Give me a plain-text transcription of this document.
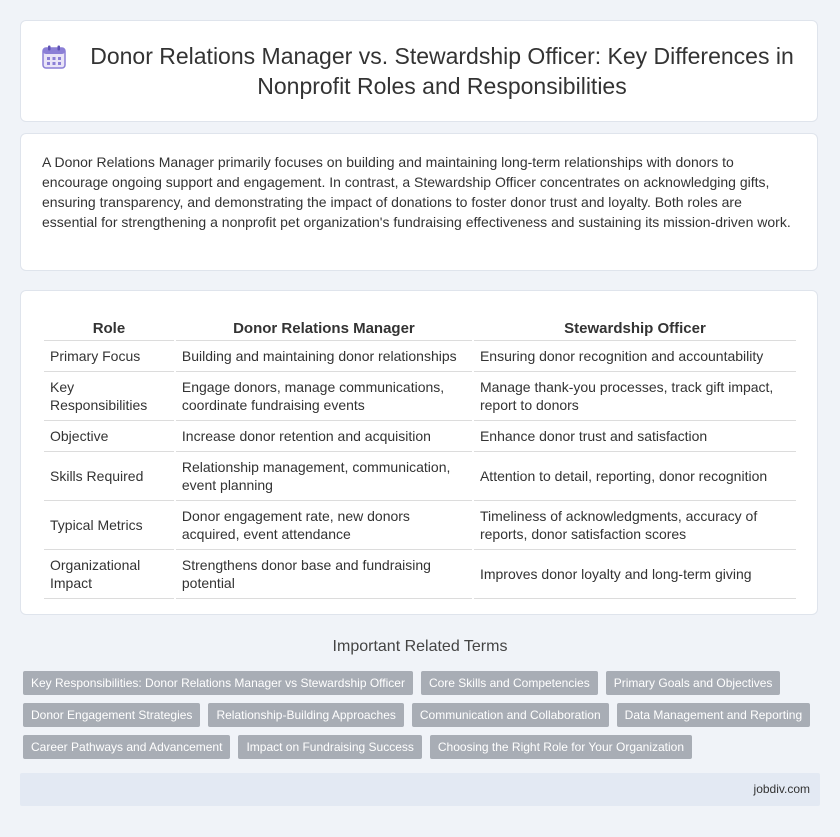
Donor Relations Manager vs. Stewardship Officer: Key Differences in Nonprofit Roles and Responsibilities

A Donor Relations Manager primarily focuses on building and maintaining long-term relationships with donors to encourage ongoing support and engagement. In contrast, a Stewardship Officer concentrates on acknowledging gifts, ensuring transparency, and demonstrating the impact of donations to foster donor trust and loyalty. Both roles are essential for strengthening a nonprofit pet organization's fundraising effectiveness and sustaining its mission-driven work.

Role	Donor Relations Manager	Stewardship Officer
Primary Focus	Building and maintaining donor relationships	Ensuring donor recognition and accountability
Key Responsibilities	Engage donors, manage communications, coordinate fundraising events	Manage thank-you processes, track gift impact, report to donors
Objective	Increase donor retention and acquisition	Enhance donor trust and satisfaction
Skills Required	Relationship management, communication, event planning	Attention to detail, reporting, donor recognition
Typical Metrics	Donor engagement rate, new donors acquired, event attendance	Timeliness of acknowledgments, accuracy of reports, donor satisfaction scores
Organizational Impact	Strengthens donor base and fundraising potential	Improves donor loyalty and long-term giving
Important Related Terms
Key Responsibilities: Donor Relations Manager vs Stewardship Officer	Core Skills and Competencies	Primary Goals and Objectives
Donor Engagement Strategies	Relationship-Building Approaches	Communication and Collaboration	Data Management and Reporting
Career Pathways and Advancement	Impact on Fundraising Success	Choosing the Right Role for Your Organization
jobdiv.com
